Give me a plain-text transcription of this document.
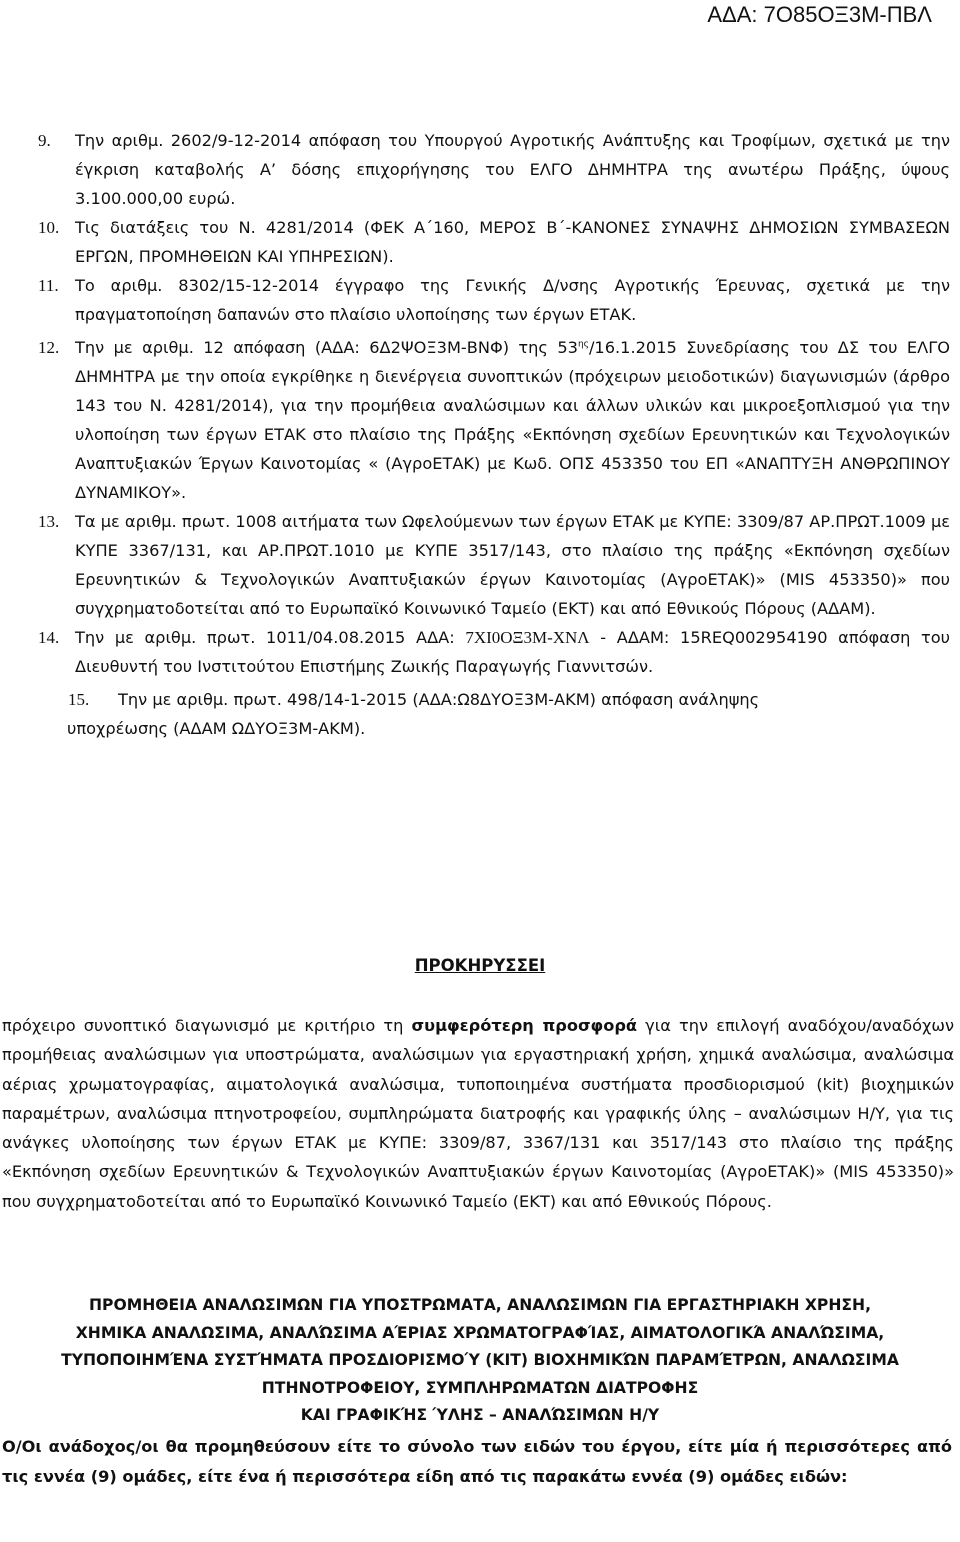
ΑΔΑ: 7Ο85ΟΞ3Μ-ΠΒΛ
9.	Την αριθμ. 2602/9-12-2014 απόφαση του Υπουργού Αγροτικής Ανάπτυξης και Τροφίμων, σχετικά με την έγκριση καταβολής Α’ δόσης επιχορήγησης του ΕΛΓΟ ΔΗΜΗΤΡΑ της ανωτέρω Πράξης, ύψους 3.100.000,00 ευρώ.
10. Τις διατάξεις του Ν. 4281/2014 (ΦΕΚ Α΄160, ΜΕΡΟΣ Β΄-ΚΑΝΟΝΕΣ ΣΥΝΑΨΗΣ ΔΗΜΟΣΙΩΝ ΣΥΜΒΑΣΕΩΝ ΕΡΓΩΝ, ΠΡΟΜΗΘΕΙΩΝ ΚΑΙ ΥΠΗΡΕΣΙΩΝ).
11.	Το αριθμ. 8302/15-12-2014 έγγραφο της Γενικής Δ/νσης Αγροτικής Έρευνας, σχετικά με την πραγματοποίηση δαπανών στο πλαίσιο υλοποίησης των έργων ΕΤΑΚ.
12. Την με αριθμ. 12 απόφαση (ΑΔΑ: 6Δ2ΨΟΞ3Μ-ΒΝΦ) της $53^{\eta\varsigma}/16.1.2015$ Συνεδρίασης του ΔΣ του ΕΛΓΟ ΔΗΜΗΤΡΑ με την οποία εγκρίθηκε η διενέργεια συνοπτικών (πρόχειρων μειοδοτικών) διαγωνισμών (άρθρο 143 του Ν. 4281/2014), για την προμήθεια αναλώσιμων και άλλων υλικών και μικροεξοπλισμού για την υλοποίηση των έργων ΕΤΑΚ στο πλαίσιο της Πράξης «Εκπόνηση σχεδίων Ερευνητικών και Τεχνολογικών Αναπτυξιακών Έργων Καινοτομίας « (ΑγροΕΤΑΚ) με Κωδ. ΟΠΣ 453350 του ΕΠ «ΑΝΑΠΤΥΞΗ ΑΝΘΡΩΠΙΝΟΥ ΔΥΝΑΜΙΚΟΥ».
13. Τα με αριθμ. πρωτ. 1008 αιτήματα των Ωφελούμενων των έργων ΕΤΑΚ με ΚΥΠΕ: 3309/87 ΑΡ.ΠΡΩΤ.1009 με ΚΥΠΕ 3367/131, και ΑΡ.ΠΡΩΤ.1010 με ΚΥΠΕ 3517/143, στο πλαίσιο της πράξης «Εκπόνηση σχεδίων Ερευνητικών & Τεχνολογικών Αναπτυξιακών έργων Καινοτομίας (ΑγροΕΤΑΚ)» (MIS 453350)» που συγχρηματοδοτείται από το Ευρωπαϊκό Κοινωνικό Ταμείο (ΕΚΤ) και από Εθνικούς Πόρους (ΑΔΑΜ).
14. Την με αριθμ. πρωτ. 1011/04.08.2015 ΑΔΑ: 7ΧΙ0ΟΞ3Μ-ΧΝΛ - ΑΔΑΜ: 15REQ002954190 απόφαση του Διευθυντή του Ινστιτούτου Επιστήμης Ζωικής Παραγωγής Γιαννιτσών.
15.	Την με αριθμ. πρωτ. 498/14-1-2015 (ΑΔΑ:Ω8ΔΥΟΞ3Μ-ΑΚΜ) απόφαση ανάληψης
υποχρέωσης (ΑΔΑΜ ΩΔΥΟΞ3Μ-ΑΚΜ).
ΠΡΟΚΗΡΥΣΣΕΙ
πρόχειρο συνοπτικό διαγωνισμό με κριτήριο τη συμφερότερη προσφορά για την επιλογή αναδόχου/αναδόχων προμήθειας αναλώσιμων για υποστρώματα, αναλώσιμων για εργαστηριακή χρήση, χημικά αναλώσιμα, αναλώσιμα αέριας χρωματογραφίας, αιματολογικά αναλώσιμα, τυποποιημένα συστήματα προσδιορισμού (kit) βιοχημικών παραμέτρων, αναλώσιμα πτηνοτροφείου, συμπληρώματα διατροφής και γραφικής ύλης – αναλώσιμων Η/Υ, για τις ανάγκες υλοποίησης των έργων ΕΤΑΚ με ΚΥΠΕ: 3309/87, 3367/131 και 3517/143 στο πλαίσιο της πράξης «Εκπόνηση σχεδίων Ερευνητικών & Τεχνολογικών Αναπτυξιακών έργων Καινοτομίας (ΑγροΕΤΑΚ)» (MIS 453350)» που συγχρηματοδοτείται από το Ευρωπαϊκό Κοινωνικό Ταμείο (ΕΚΤ) και από Εθνικούς Πόρους.
ΠΡΟΜΗΘΕΙΑ ΑΝΑΛΩΣΙΜΩΝ ΓΙΑ ΥΠΟΣΤΡΩΜΑΤΑ, ΑΝΑΛΩΣΙΜΩΝ ΓΙΑ ΕΡΓΑΣΤΗΡΙΑΚΗ ΧΡΗΣΗ,
ΧΗΜΙΚΑ ΑΝΑΛΩΣΙΜΑ, ΑΝΑΛΏΣΙΜΑ ΑΈΡΙΑΣ ΧΡΩΜΑΤΟΓΡΑΦΊΑΣ, ΑΙΜΑΤΟΛΟΓΙΚΆ ΑΝΑΛΏΣΙΜΑ,
ΤΥΠΟΠΟΙΗΜΈΝΑ ΣΥΣΤΉΜΑΤΑ ΠΡΟΣΔΙΟΡΙΣΜΟΎ (KIT) ΒΙΟΧΗΜΙΚΏΝ ΠΑΡΑΜΈΤΡΩΝ, ΑΝΑΛΩΣΙΜΑ
ΠΤΗΝΟΤΡΟΦΕΙΟΥ, ΣΥΜΠΛΗΡΩΜΑΤΩΝ ΔΙΑΤΡΟΦΗΣ
ΚΑΙ ΓΡΑΦΙΚΉΣ ΎΛΗΣ – ΑΝΑΛΏΣΙΜΩΝ Η/Υ
Ο/Οι ανάδοχος/οι θα προμηθεύσουν είτε το σύνολο των ειδών του έργου, είτε μία ή περισσότερες από τις εννέα (9) ομάδες, είτε ένα ή περισσότερα είδη από τις παρακάτω εννέα (9) ομάδες ειδών:
